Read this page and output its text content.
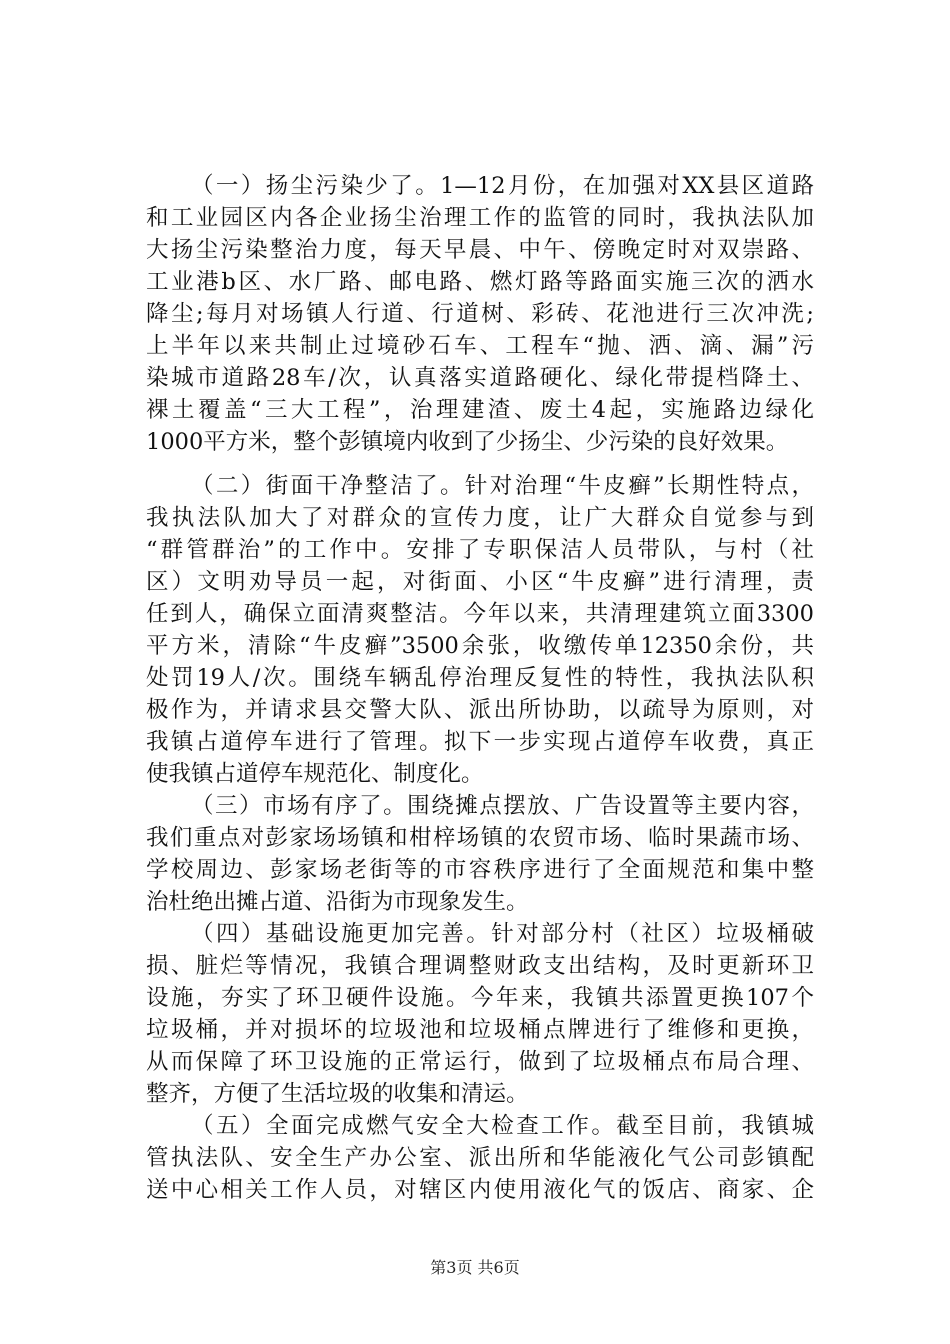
（一）扬尘污染少了。1—12月份，在加强对XX县区道路
和工业园区内各企业扬尘治理工作的监管的同时，我执法队加
大扬尘污染整治力度，每天早晨、中午、傍晚定时对双崇路、
工业港b区、水厂路、邮电路、燃灯路等路面实施三次的洒水
降尘;每月对场镇人行道、行道树、彩砖、花池进行三次冲洗;
上半年以来共制止过境砂石车、工程车“抛、洒、滴、漏”污
染城市道路28车/次，认真落实道路硬化、绿化带提档降土、
裸土覆盖“三大工程”，治理建渣、废土4起，实施路边绿化
1000平方米，整个彭镇境内收到了少扬尘、少污染的良好效果。
（二）街面干净整洁了。针对治理“牛皮癣”长期性特点，
我执法队加大了对群众的宣传力度，让广大群众自觉参与到
“群管群治”的工作中。安排了专职保洁人员带队，与村（社
区）文明劝导员一起，对街面、小区“牛皮癣”进行清理，责
任到人，确保立面清爽整洁。今年以来，共清理建筑立面3300
平方米，清除“牛皮癣”3500余张，收缴传单12350余份，共
处罚19人/次。围绕车辆乱停治理反复性的特性，我执法队积
极作为，并请求县交警大队、派出所协助，以疏导为原则，对
我镇占道停车进行了管理。拟下一步实现占道停车收费，真正
使我镇占道停车规范化、制度化。
（三）市场有序了。围绕摊点摆放、广告设置等主要内容，
我们重点对彭家场场镇和柑梓场镇的农贸市场、临时果蔬市场、
学校周边、彭家场老街等的市容秩序进行了全面规范和集中整
治杜绝出摊占道、沿街为市现象发生。
（四）基础设施更加完善。针对部分村（社区）垃圾桶破
损、脏烂等情况，我镇合理调整财政支出结构，及时更新环卫
设施，夯实了环卫硬件设施。今年来，我镇共添置更换107个
垃圾桶，并对损坏的垃圾池和垃圾桶点牌进行了维修和更换，
从而保障了环卫设施的正常运行，做到了垃圾桶点布局合理、
整齐，方便了生活垃圾的收集和清运。
（五）全面完成燃气安全大检查工作。截至目前，我镇城
管执法队、安全生产办公室、派出所和华能液化气公司彭镇配
送中心相关工作人员，对辖区内使用液化气的饭店、商家、企
第3页 共6页
